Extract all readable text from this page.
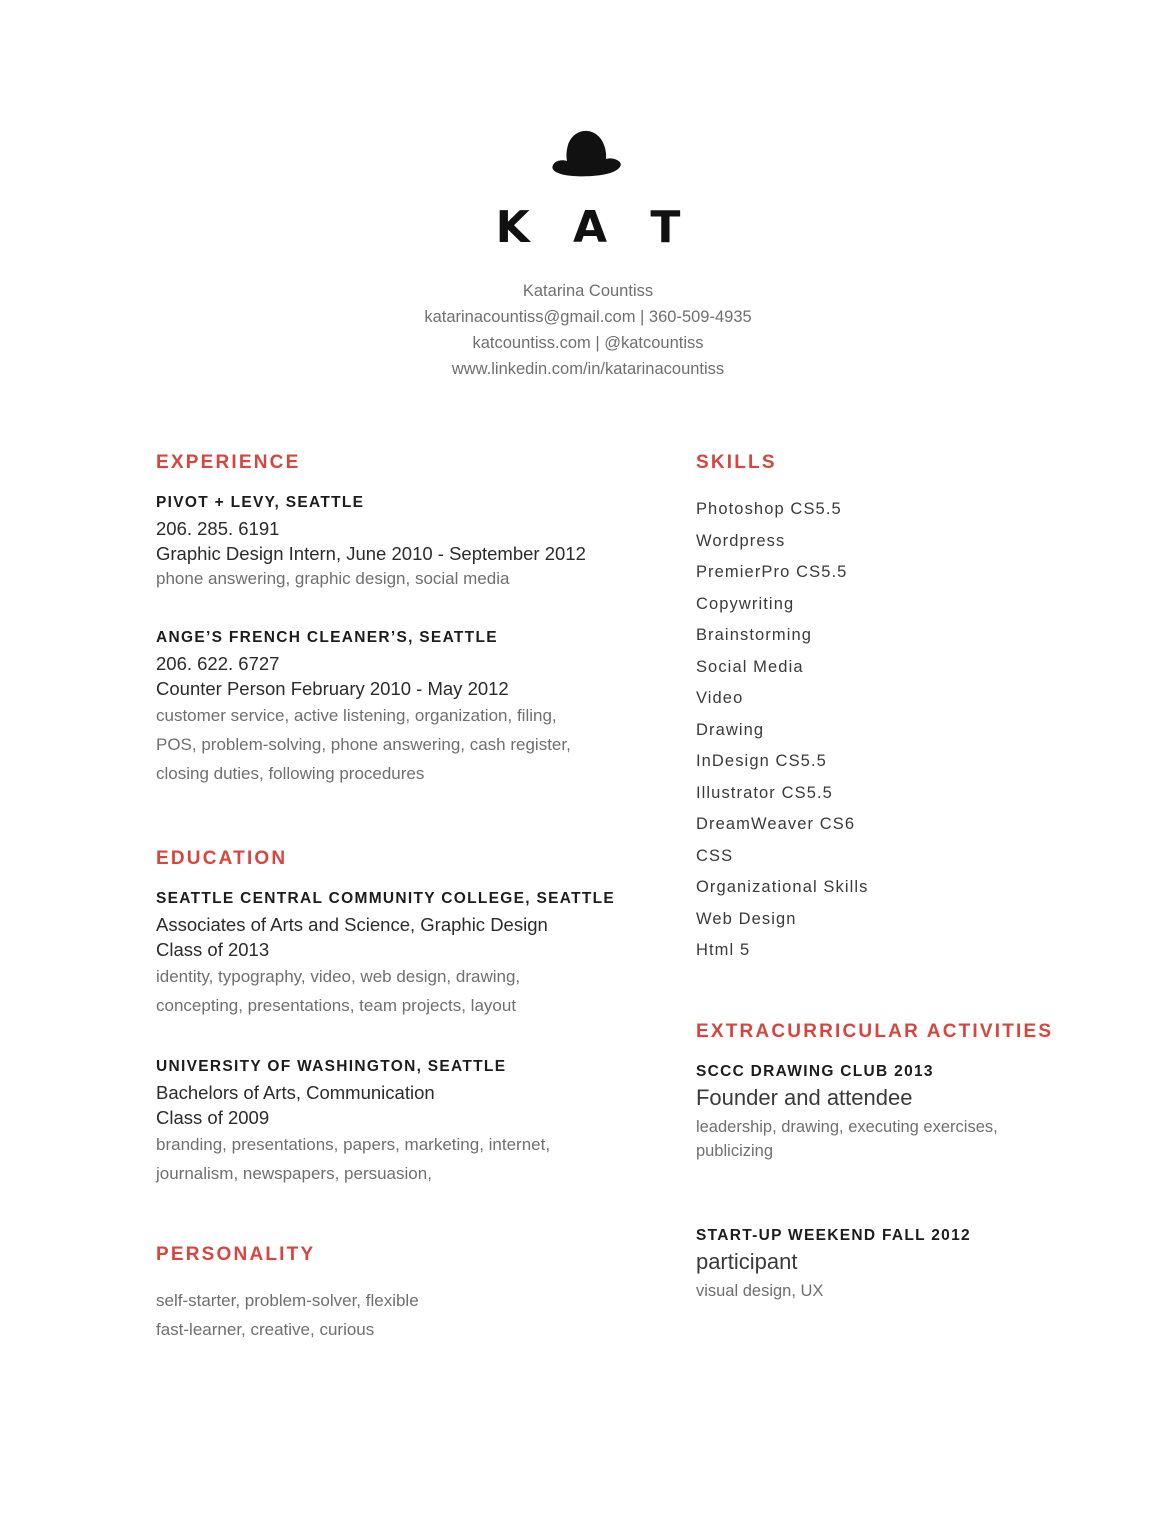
K A T
Katarina Countiss
katarinacountiss@gmail.com | 360-509-4935
katcountiss.com | @katcountiss
www.linkedin.com/in/katarinacountiss
EXPERIENCE
PIVOT + LEVY, SEATTLE
206. 285. 6191
Graphic Design Intern, June 2010 - September 2012
phone answering, graphic design, social media
ANGE’S FRENCH CLEANER’S, SEATTLE
206. 622. 6727
Counter Person February 2010 - May 2012
customer service, active listening, organization, filing,
POS, problem-solving, phone answering, cash register,
closing duties, following procedures
EDUCATION
SEATTLE CENTRAL COMMUNITY COLLEGE, SEATTLE
Associates of Arts and Science, Graphic Design
Class of 2013
identity, typography, video, web design, drawing,
concepting, presentations, team projects, layout
UNIVERSITY OF WASHINGTON, SEATTLE
Bachelors of Arts, Communication
Class of 2009
branding, presentations, papers, marketing, internet,
journalism, newspapers, persuasion,
PERSONALITY
self-starter, problem-solver, flexible
fast-learner, creative, curious
SKILLS
Photoshop CS5.5
Wordpress
PremierPro CS5.5
Copywriting
Brainstorming
Social Media
Video
Drawing
InDesign CS5.5
Illustrator CS5.5
DreamWeaver CS6
CSS
Organizational Skills
Web Design
Html 5
EXTRACURRICULAR ACTIVITIES
SCCC DRAWING CLUB 2013
Founder and attendee
leadership, drawing, executing exercises,
publicizing
START-UP WEEKEND FALL 2012
participant
visual design, UX
